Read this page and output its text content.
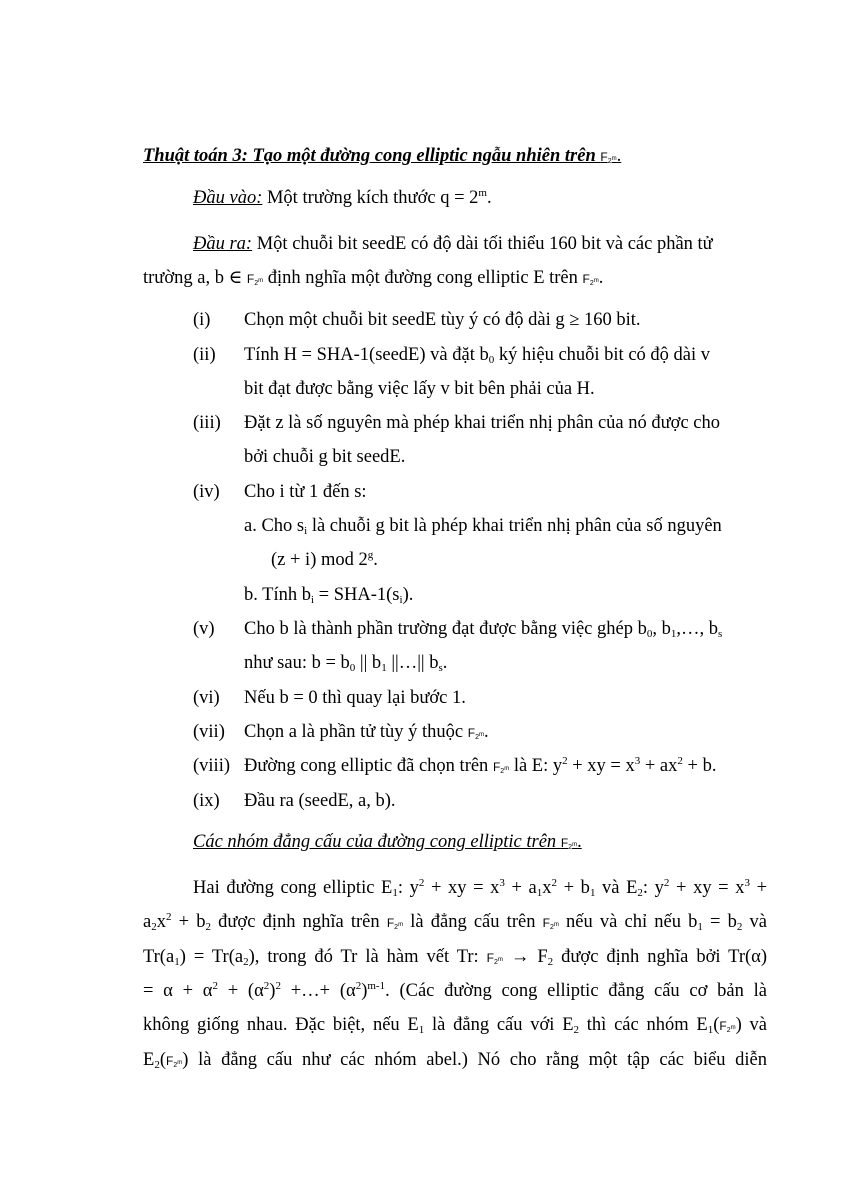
Thuật toán 3: Tạo một đường cong elliptic ngẫu nhiên trên $F_{2^m}$.
Đầu vào: Một trường kích thước $q = 2^m$.
Đầu ra: Một chuỗi bit seedE có độ dài tối thiểu 160 bit và các phần tử
trường a, b ∈ $F_{2^m}$ định nghĩa một đường cong elliptic E trên $F_{2^m}$.
(i) Chọn một chuỗi bit seedE tùy ý có độ dài g ≥ 160 bit.
(ii) Tính H = SHA-1(seedE) và đặt $b_0$ ký hiệu chuỗi bit có độ dài v
bit đạt được bằng việc lấy v bit bên phải của H.
(iii) Đặt z là số nguyên mà phép khai triển nhị phân của nó được cho
bởi chuỗi g bit seedE.
(iv) Cho i từ 1 đến s:
a. Cho $s_i$ là chuỗi g bit là phép khai triển nhị phân của số nguyên
(z + i) mod 2$^g$.
b. Tính $b_i = SHA-1(s_i)$.
(v) Cho b là thành phần trường đạt được bằng việc ghép $b_0$, $b_1,\dots$, $b_s$
như sau: $b = b_0$ || $b_1$ ||…|| $b_s$.
(vi) Nếu b = 0 thì quay lại bước 1.
(vii) Chọn a là phần tử tùy ý thuộc $F_{2^m}$.
(viii) Đường cong elliptic đã chọn trên $F_{2^m}$ là E: $y^2$ + xy = $x^3 + ax^2 + b$.
(ix) Đầu ra (seedE, a, b).
Các nhóm đẳng cấu của đường cong elliptic trên $F_{2^m}$.
Hai đường cong elliptic $E_1$: $y^2$ + xy = $x^3 + a_1x^2 + b_1$ và $E_2$: $y^2$ + xy = $x^3$ +
$a_2x^2 + b_2$ được định nghĩa trên $F_{2^m}$ là đẳng cấu trên $F_{2^m}$ nếu và chỉ nếu $b_1 = b_2$ và
$Tr(a_1) = Tr(a_2)$, trong đó Tr là hàm vết Tr: $F_{2^m} \to F_2$ được định nghĩa bởi Tr(α)
= $\alpha + \alpha^2 + (\alpha^2)^2$ +…+ $(\alpha^2)^{m-1}$. (Các đường cong elliptic đẳng cấu cơ bản là
không giống nhau. Đặc biệt, nếu $E_1$ là đẳng cấu với $E_2$ thì các nhóm $E_1(F_{2^m})$ và
$E_2(F_{2^m})$ là đẳng cấu như các nhóm abel.) Nó cho rằng một tập các biểu diễn
